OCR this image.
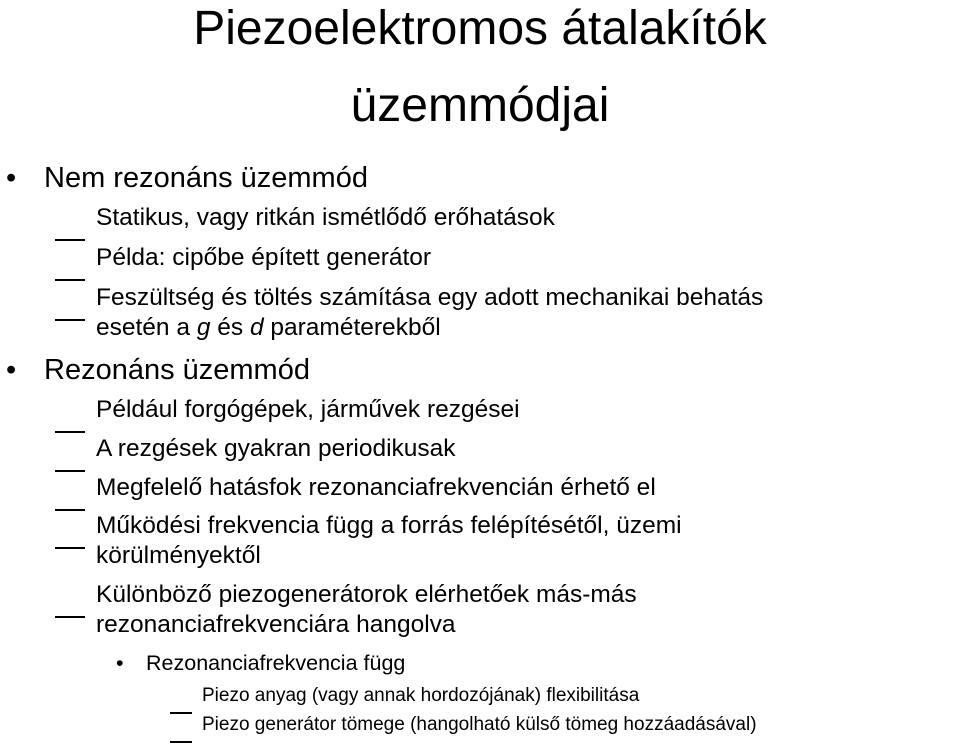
Piezoelektromos átalakítók
üzemmódjai
• Nem rezonáns üzemmód
Statikus, vagy ritkán ismétlődő erőhatások
Példa: cipőbe épített generátor
Feszültség és töltés számítása egy adott mechanikai behatás
esetén a g és d paraméterekből
• Rezonáns üzemmód
Például forgógépek, járművek rezgései
A rezgések gyakran periodikusak
Megfelelő hatásfok rezonanciafrekvencián érhető el
Működési frekvencia függ a forrás felépítésétől, üzemi
körülményektől
Különböző piezogenerátorok elérhetőek más-más
rezonanciafrekvenciára hangolva
• Rezonanciafrekvencia függ
Piezo anyag (vagy annak hordozójának) flexibilitása
Piezo generátor tömege (hangolható külső tömeg hozzáadásával)
